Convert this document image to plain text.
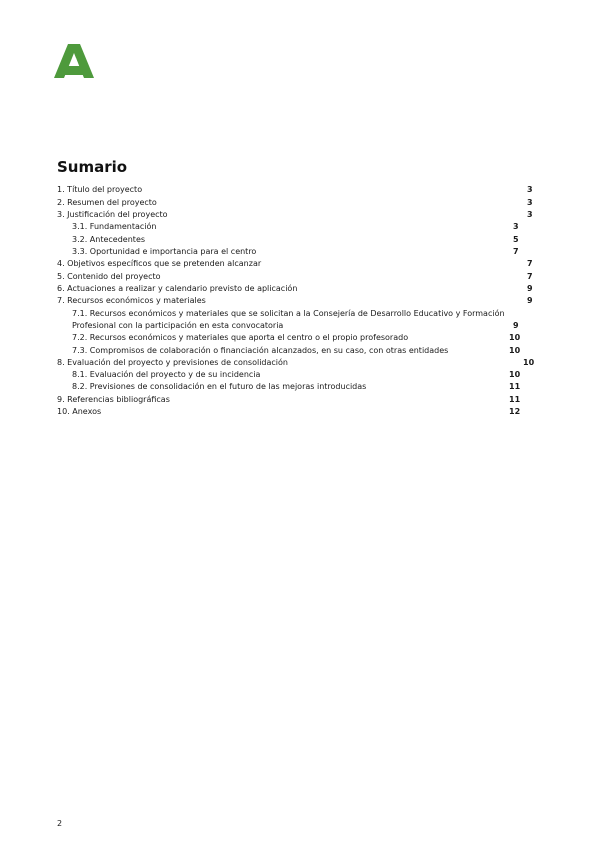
Sumario
1. Título del proyecto	3
2. Resumen del proyecto	3
3. Justificación del proyecto	3
3.1. Fundamentación	3
3.2. Antecedentes	5
3.3. Oportunidad e importancia para el centro	7
4. Objetivos específicos que se pretenden alcanzar	7
5. Contenido del proyecto	7
6. Actuaciones a realizar y calendario previsto de aplicación	9
7. Recursos económicos y materiales	9
7.1. Recursos económicos y materiales que se solicitan a la Consejería de Desarrollo Educativo y Formación
Profesional con la participación en esta convocatoria	9
7.2. Recursos económicos y materiales que aporta el centro o el propio profesorado	10
7.3. Compromisos de colaboración o financiación alcanzados, en su caso, con otras entidades	10
8. Evaluación del proyecto y previsiones de consolidación	10
8.1. Evaluación del proyecto y de su incidencia	10
8.2. Previsiones de consolidación en el futuro de las mejoras introducidas	11
9. Referencias bibliográficas	11
10. Anexos	12
2
